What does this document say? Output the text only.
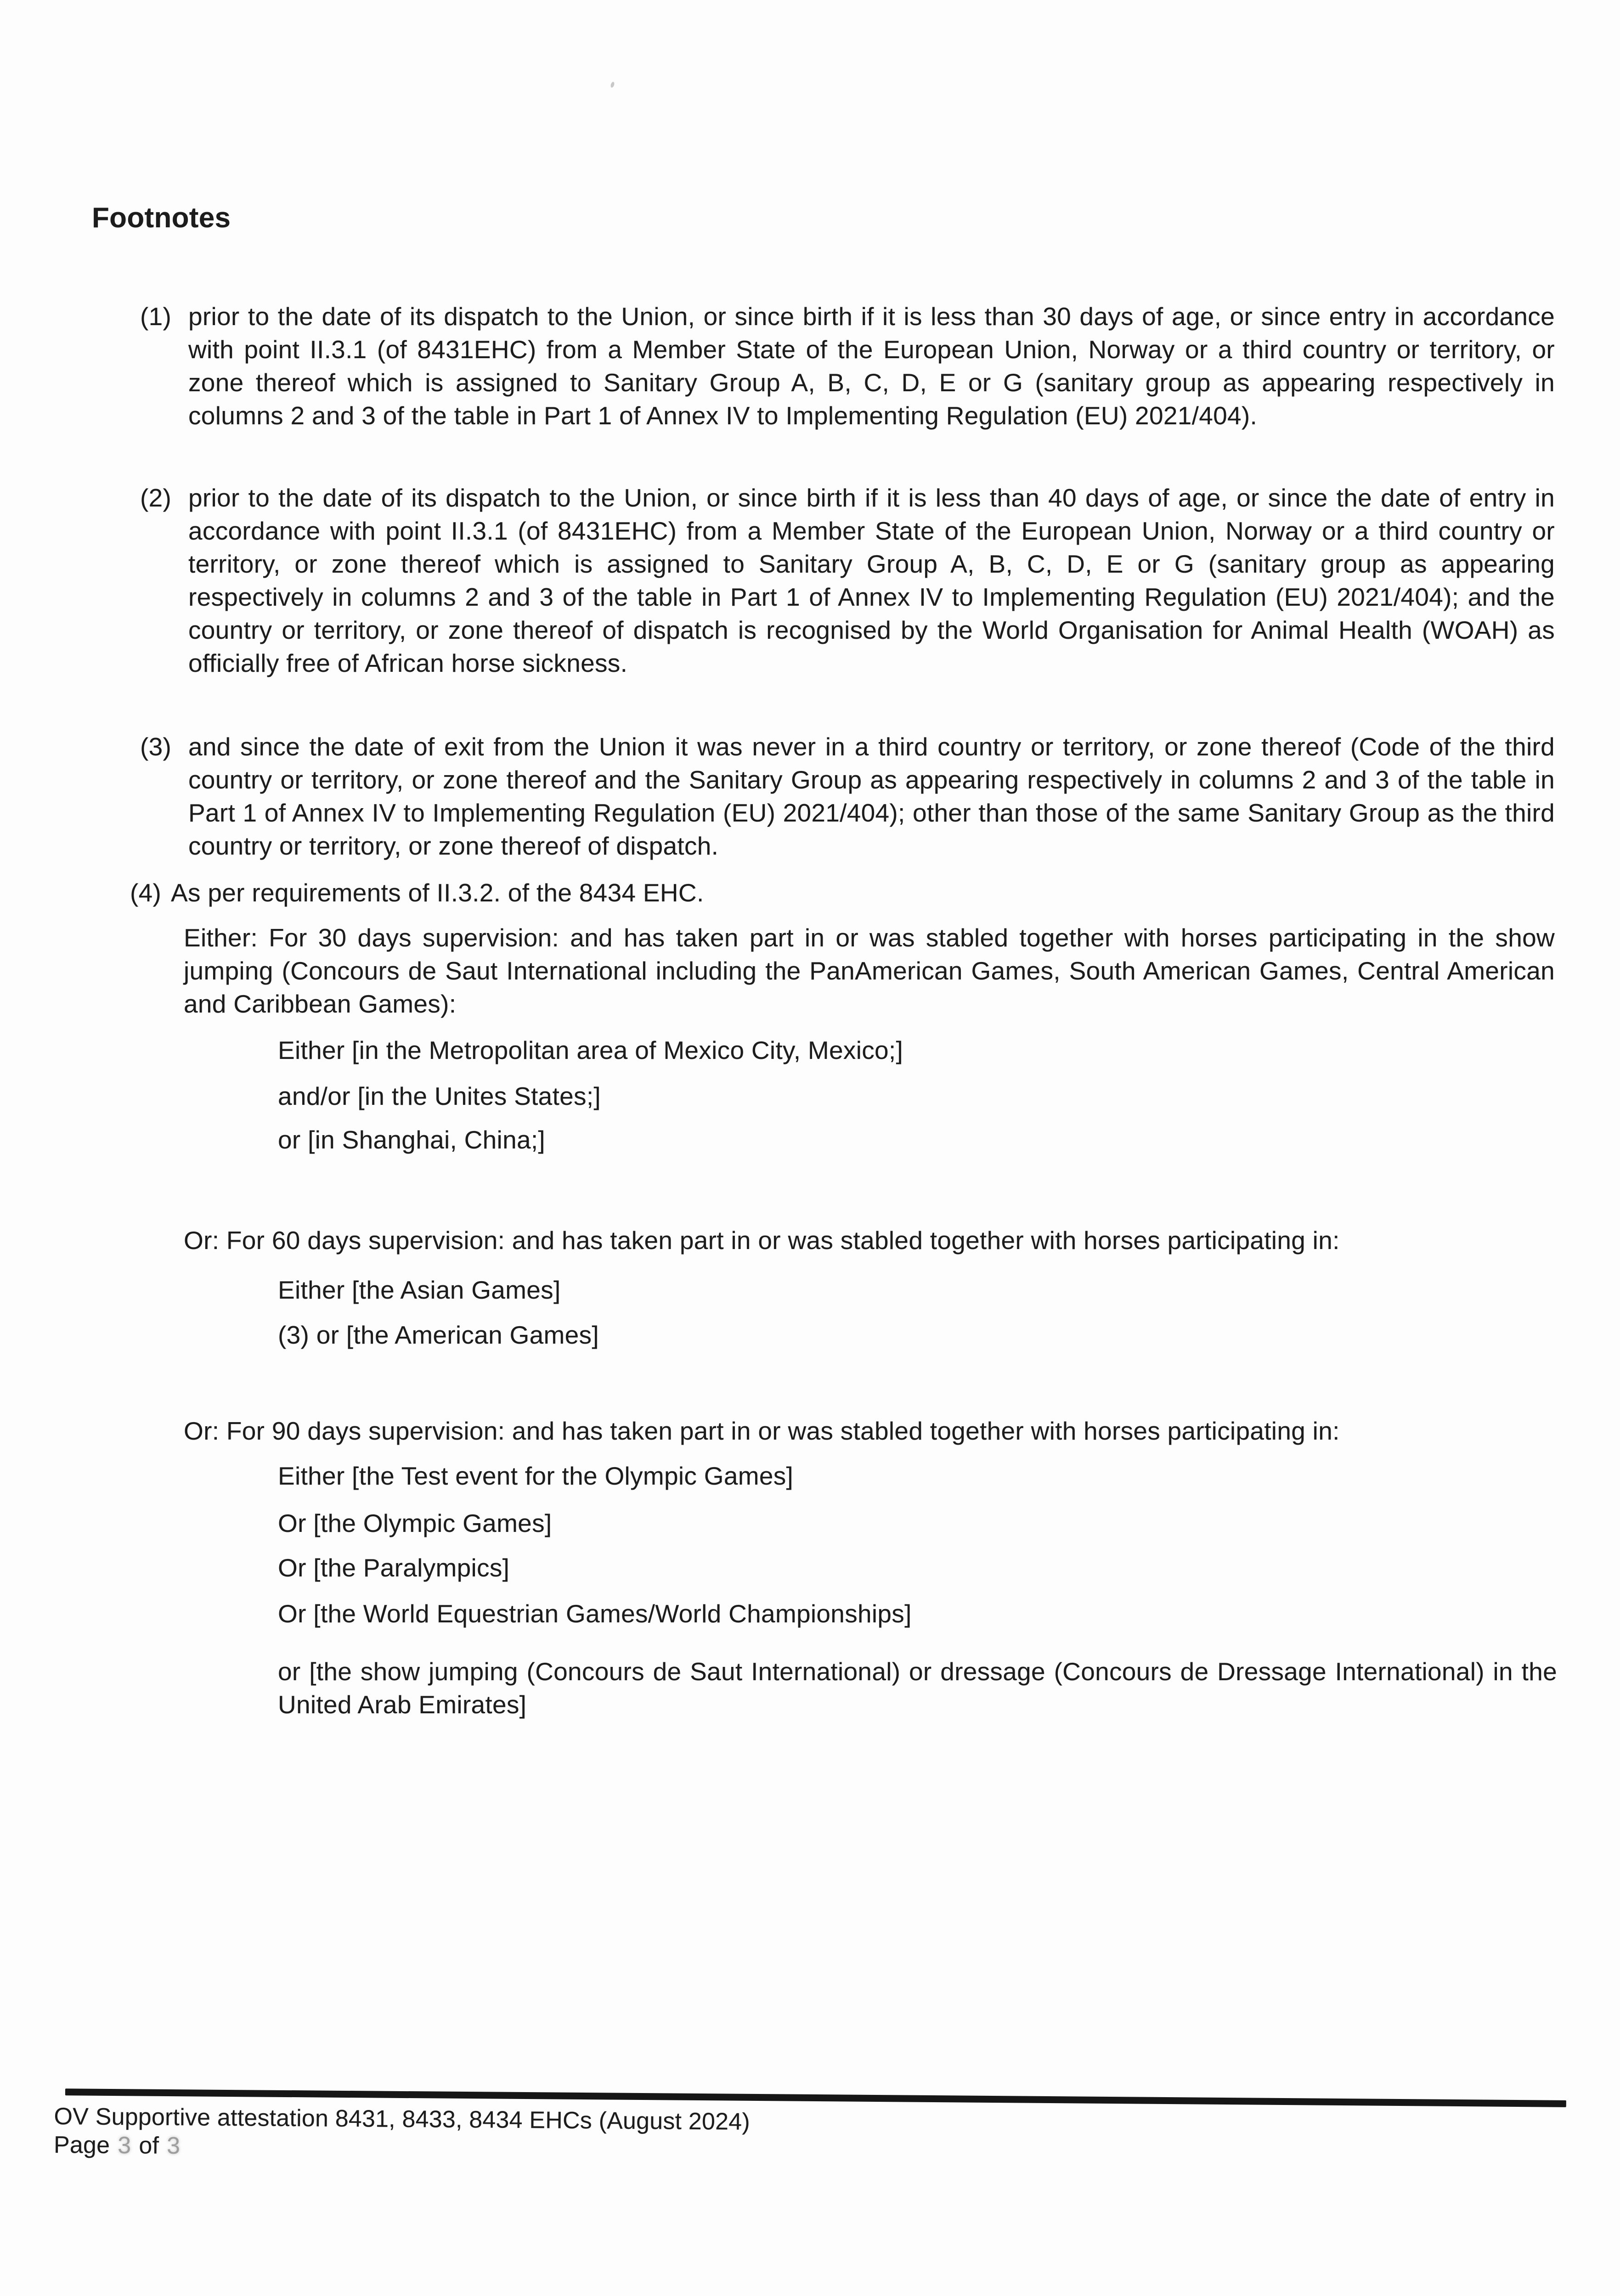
Footnotes
(1) prior to the date of its dispatch to the Union, or since birth if it is less than 30 days of age, or since entry in accordance with point II.3.1 (of 8431EHC) from a Member State of the European Union, Norway or a third country or territory, or zone thereof which is assigned to Sanitary Group A, B, C, D, E or G (sanitary group as appearing respectively in columns 2 and 3 of the table in Part 1 of Annex IV to Implementing Regulation (EU) 2021/404).
(2) prior to the date of its dispatch to the Union, or since birth if it is less than 40 days of age, or since the date of entry in accordance with point II.3.1 (of 8431EHC) from a Member State of the European Union, Norway or a third country or territory, or zone thereof which is assigned to Sanitary Group A, B, C, D, E or G (sanitary group as appearing respectively in columns 2 and 3 of the table in Part 1 of Annex IV to Implementing Regulation (EU) 2021/404); and the country or territory, or zone thereof of dispatch is recognised by the World Organisation for Animal Health (WOAH) as officially free of African horse sickness.
(3) and since the date of exit from the Union it was never in a third country or territory, or zone thereof (Code of the third country or territory, or zone thereof and the Sanitary Group as appearing respectively in columns 2 and 3 of the table in Part 1 of Annex IV to Implementing Regulation (EU) 2021/404); other than those of the same Sanitary Group as the third country or territory, or zone thereof of dispatch.
(4) As per requirements of II.3.2. of the 8434 EHC.

Either: For 30 days supervision: and has taken part in or was stabled together with horses participating in the show jumping (Concours de Saut International including the PanAmerican Games, South American Games, Central American and Caribbean Games):

Either [in the Metropolitan area of Mexico City, Mexico;]

and/or [in the Unites States;]

or [in Shanghai, China;]

Or: For 60 days supervision: and has taken part in or was stabled together with horses participating in:

Either [the Asian Games]

(3) or [the American Games]

Or: For 90 days supervision: and has taken part in or was stabled together with horses participating in:

Either [the Test event for the Olympic Games]

Or [the Olympic Games]

Or [the Paralympics]

Or [the World Equestrian Games/World Championships]

or [the show jumping (Concours de Saut International) or dressage (Concours de Dressage International) in the United Arab Emirates]

OV Supportive attestation 8431, 8433, 8434 EHCs (August 2024)

Page 3 of 3
